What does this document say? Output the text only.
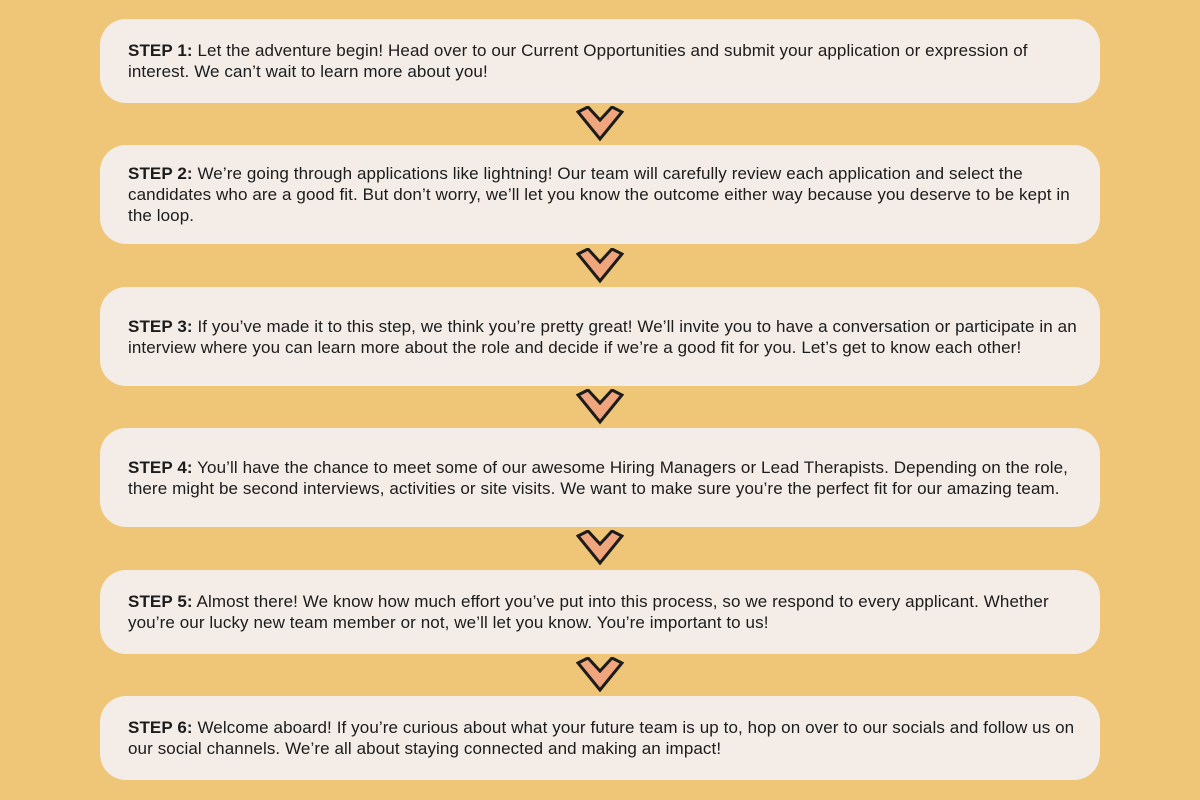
STEP 1: Let the adventure begin! Head over to our Current Opportunities and submit your application or expression of interest. We can’t wait to learn more about you!

STEP 2: We’re going through applications like lightning! Our team will carefully review each application and select the candidates who are a good fit. But don’t worry, we’ll let you know the outcome either way because you deserve to be kept in the loop.

STEP 3: If you’ve made it to this step, we think you’re pretty great! We’ll invite you to have a conversation or participate in an interview where you can learn more about the role and decide if we’re a good fit for you. Let’s get to know each other!

STEP 4: You’ll have the chance to meet some of our awesome Hiring Managers or Lead Therapists. Depending on the role, there might be second interviews, activities or site visits. We want to make sure you’re the perfect fit for our amazing team.

STEP 5: Almost there! We know how much effort you’ve put into this process, so we respond to every applicant. Whether you’re our lucky new team member or not, we’ll let you know. You’re important to us!

STEP 6: Welcome aboard! If you’re curious about what your future team is up to, hop on over to our socials and follow us on our social channels. We’re all about staying connected and making an impact!
